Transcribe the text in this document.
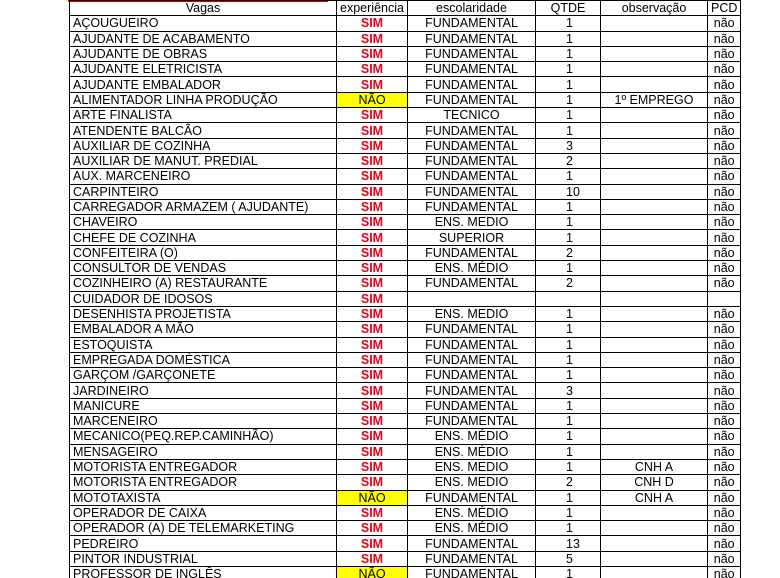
Vagas	experiência	escolaridade	QTDE	observação	PCD
AÇOUGUEIRO	SIM	FUNDAMENTAL	1		não
AJUDANTE DE ACABAMENTO	SIM	FUNDAMENTAL	1		não
AJUDANTE DE OBRAS	SIM	FUNDAMENTAL	1		não
AJUDANTE ELETRICISTA	SIM	FUNDAMENTAL	1		não
AJUDANTE EMBALADOR	SIM	FUNDAMENTAL	1		não
ALIMENTADOR LINHA PRODUÇÃO	NÃO	FUNDAMENTAL	1	1º EMPREGO	não
ARTE FINALISTA	SIM	TECNICO	1		não
ATENDENTE BALCÃO	SIM	FUNDAMENTAL	1		não
AUXILIAR DE COZINHA	SIM	FUNDAMENTAL	3		não
AUXILIAR DE MANUT. PREDIAL	SIM	FUNDAMENTAL	2		não
AUX. MARCENEIRO	SIM	FUNDAMENTAL	1		não
CARPINTEIRO	SIM	FUNDAMENTAL	10		não
CARREGADOR ARMAZEM ( AJUDANTE)	SIM	FUNDAMENTAL	1		não
CHAVEIRO	SIM	ENS. MEDIO	1		não
CHEFE DE COZINHA	SIM	SUPERIOR	1		não
CONFEITEIRA (O)	SIM	FUNDAMENTAL	2		não
CONSULTOR DE VENDAS	SIM	ENS. MÉDIO	1		não
COZINHEIRO (A) RESTAURANTE	SIM	FUNDAMENTAL	2		não
CUIDADOR DE IDOSOS	SIM				
DESENHISTA PROJETISTA	SIM	ENS. MEDIO	1		não
EMBALADOR A MÃO	SIM	FUNDAMENTAL	1		não
ESTOQUISTA	SIM	FUNDAMENTAL	1		não
EMPREGADA DOMÉSTICA	SIM	FUNDAMENTAL	1		não
GARÇOM /GARÇONETE	SIM	FUNDAMENTAL	1		não
JARDINEIRO	SIM	FUNDAMENTAL	3		não
MANICURE	SIM	FUNDAMENTAL	1		não
MARCENEIRO	SIM	FUNDAMENTAL	1		não
MECANICO(PEQ.REP.CAMINHÃO)	SIM	ENS. MÉDIO	1		não
MENSAGEIRO	SIM	ENS. MÉDIO	1		não
MOTORISTA ENTREGADOR	SIM	ENS. MEDIO	1	CNH A	não
MOTORISTA ENTREGADOR	SIM	ENS. MEDIO	2	CNH D	não
MOTOTAXISTA	NÃO	FUNDAMENTAL	1	CNH A	não
OPERADOR DE CAIXA	SIM	ENS. MÉDIO	1		não
OPERADOR (A) DE TELEMARKETING	SIM	ENS. MÉDIO	1		não
PEDREIRO	SIM	FUNDAMENTAL	13		não
PINTOR INDUSTRIAL	SIM	FUNDAMENTAL	5		não
PROFESSOR DE INGLÊS	NÃO	FUNDAMENTAL	1		não
